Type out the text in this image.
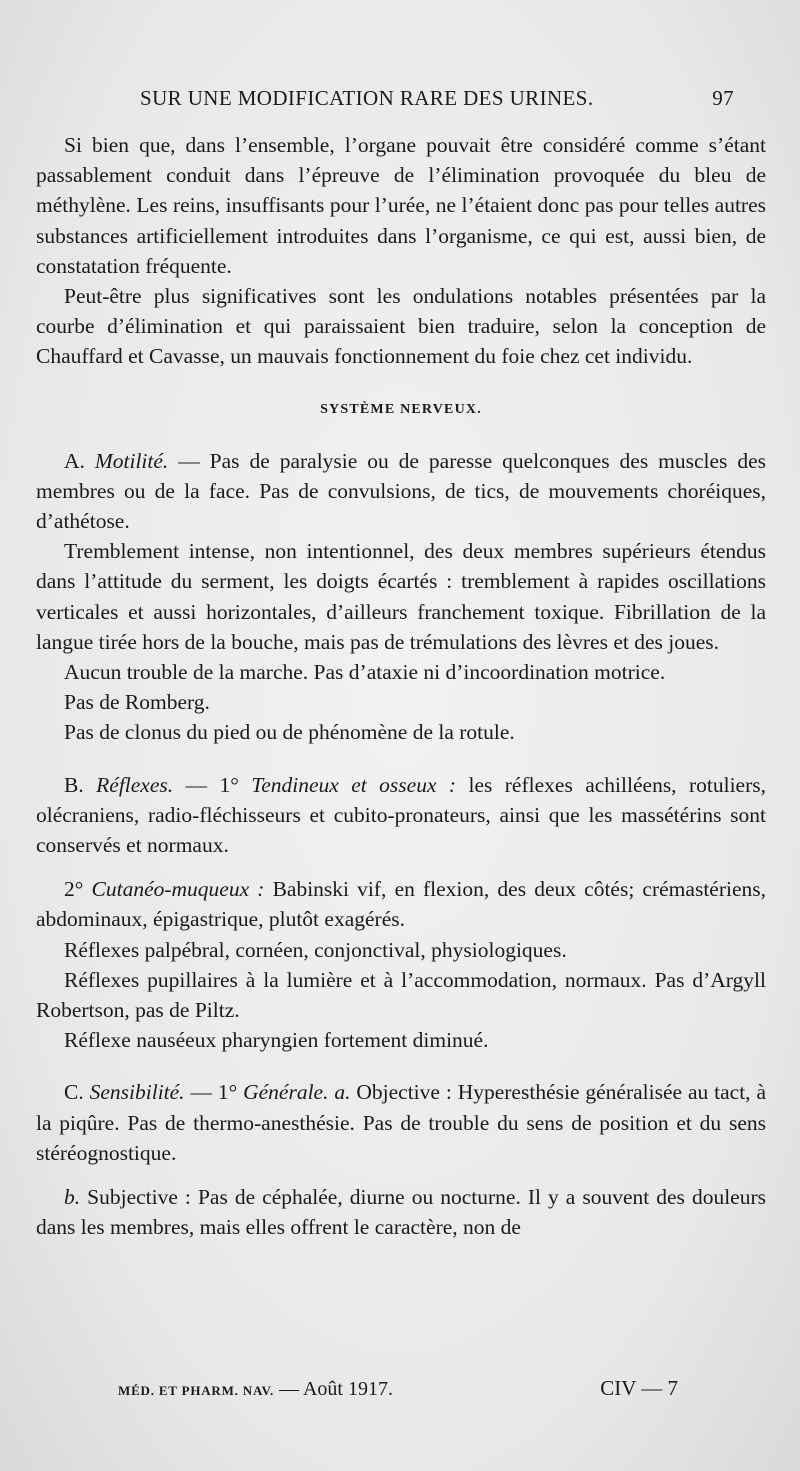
SUR UNE MODIFICATION RARE DES URINES.	97

Si bien que, dans l’ensemble, l’organe pouvait être considéré comme s’étant passablement conduit dans l’épreuve de l’élimination provoquée du bleu de méthylène. Les reins, insuffisants pour l’urée, ne l’étaient donc pas pour telles autres substances artificiellement introduites dans l’organisme, ce qui est, aussi bien, de constatation fréquente.

Peut-être plus significatives sont les ondulations notables présentées par la courbe d’élimination et qui paraissaient bien traduire, selon la conception de Chauffard et Cavasse, un mauvais fonctionnement du foie chez cet individu.

SYSTÈME NERVEUX.

A. Motilité. — Pas de paralysie ou de paresse quelconques des muscles des membres ou de la face. Pas de convulsions, de tics, de mouvements choréiques, d’athétose.

Tremblement intense, non intentionnel, des deux membres supérieurs étendus dans l’attitude du serment, les doigts écartés : tremblement à rapides oscillations verticales et aussi horizontales, d’ailleurs franchement toxique. Fibrillation de la langue tirée hors de la bouche, mais pas de trémulations des lèvres et des joues.

Aucun trouble de la marche. Pas d’ataxie ni d’incoordination motrice.

Pas de Romberg.

Pas de clonus du pied ou de phénomène de la rotule.

B. Réflexes. — 1° Tendineux et osseux : les réflexes achilléens, rotuliers, olécraniens, radio-fléchisseurs et cubito-pronateurs, ainsi que les massétérins sont conservés et normaux.

2° Cutanéo-muqueux : Babinski vif, en flexion, des deux côtés; crémastériens, abdominaux, épigastrique, plutôt exagérés.

Réflexes palpébral, cornéen, conjonctival, physiologiques.

Réflexes pupillaires à la lumière et à l’accommodation, normaux. Pas d’Argyll Robertson, pas de Piltz.

Réflexe nauséeux pharyngien fortement diminué.

C. Sensibilité. — 1° Générale. a. Objective : Hyperesthésie généralisée au tact, à la piqûre. Pas de thermo-anesthésie. Pas de trouble du sens de position et du sens stéréognostique.

b. Subjective : Pas de céphalée, diurne ou nocturne. Il y a souvent des douleurs dans les membres, mais elles offrent le caractère, non de

MÉD. ET PHARM. NAV. — Août 1917.	CIV — 7
